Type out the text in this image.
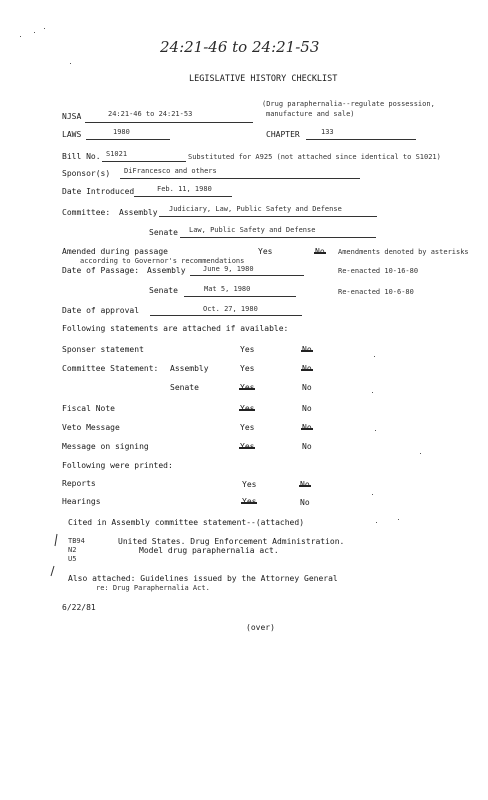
24:21-46 to 24:21-53
LEGISLATIVE HISTORY CHECKLIST
NJSA	24:21-46 to 24:21-53
(Drug paraphernalia--regulate possession,
manufacture and sale)
LAWS	1980	CHAPTER	133
Bill No. S1021	Substituted for A925 (not attached since identical to S1021)
Sponsor(s) DiFrancesco and others
Date Introduced	Feb. 11, 1980
Committee: Assembly Judiciary, Law, Public Safety and Defense
Senate Law, Public Safety and Defense
Amended during passage	Yes	No Amendments denoted by asterisks
according to Governor's recommendations
Date of Passage: Assembly June 9, 1980	Re-enacted 10-16-80
Senate	Mat 5, 1980	Re-enacted 10-6-80
Date of approval	Oct. 27, 1980
Following statements are attached if available:
Sponser statement	Yes	No
Committee Statement: Assembly	Yes	No
Senate	Yes	No
Fiscal Note	Yes	No
Veto Message	Yes	No
Message on signing	Yes	No
Following were printed:
Reports	Yes	No
Hearings	Yes	No
Cited in Assembly committee statement--(attached)
TB94
N2
U5
United States. Drug Enforcement Administration.
Model drug paraphernalia act.
Also attached: Guidelines issued by the Attorney General
re: Drug Paraphernalia Act.
6/22/81
(over)
